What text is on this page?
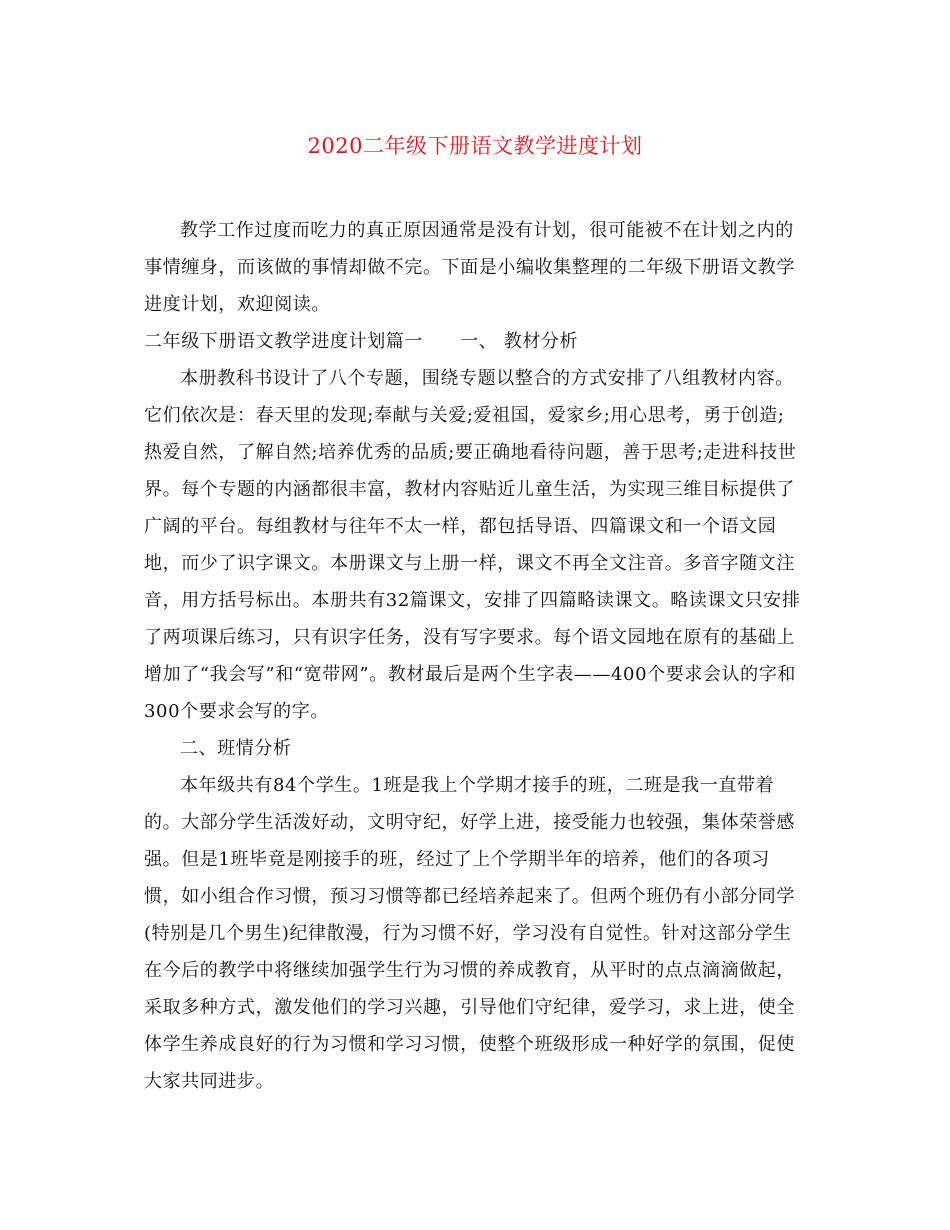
2020二年级下册语文教学进度计划
教学工作过度而吃力的真正原因通常是没有计划，很可能被不在计划之内的
事情缠身，而该做的事情却做不完。下面是小编收集整理的二年级下册语文教学
进度计划，欢迎阅读。
二年级下册语文教学进度计划篇一　　一、 教材分析
本册教科书设计了八个专题，围绕专题以整合的方式安排了八组教材内容。
它们依次是：春天里的发现;奉献与关爱;爱祖国，爱家乡;用心思考，勇于创造;
热爱自然，了解自然;培养优秀的品质;要正确地看待问题，善于思考;走进科技世
界。每个专题的内涵都很丰富，教材内容贴近儿童生活，为实现三维目标提供了
广阔的平台。每组教材与往年不太一样，都包括导语、四篇课文和一个语文园
地，而少了识字课文。本册课文与上册一样，课文不再全文注音。多音字随文注
音，用方括号标出。本册共有32篇课文，安排了四篇略读课文。略读课文只安排
了两项课后练习，只有识字任务，没有写字要求。每个语文园地在原有的基础上
增加了“我会写”和“宽带网”。教材最后是两个生字表——400个要求会认的字和
300个要求会写的字。
二、班情分析
本年级共有84个学生。1班是我上个学期才接手的班，二班是我一直带着
的。大部分学生活泼好动，文明守纪，好学上进，接受能力也较强，集体荣誉感
强。但是1班毕竟是刚接手的班，经过了上个学期半年的培养，他们的各项习
惯，如小组合作习惯，预习习惯等都已经培养起来了。但两个班仍有小部分同学
(特别是几个男生)纪律散漫，行为习惯不好，学习没有自觉性。针对这部分学生
在今后的教学中将继续加强学生行为习惯的养成教育，从平时的点点滴滴做起，
采取多种方式，激发他们的学习兴趣，引导他们守纪律，爱学习，求上进，使全
体学生养成良好的行为习惯和学习习惯，使整个班级形成一种好学的氛围，促使
大家共同进步。
